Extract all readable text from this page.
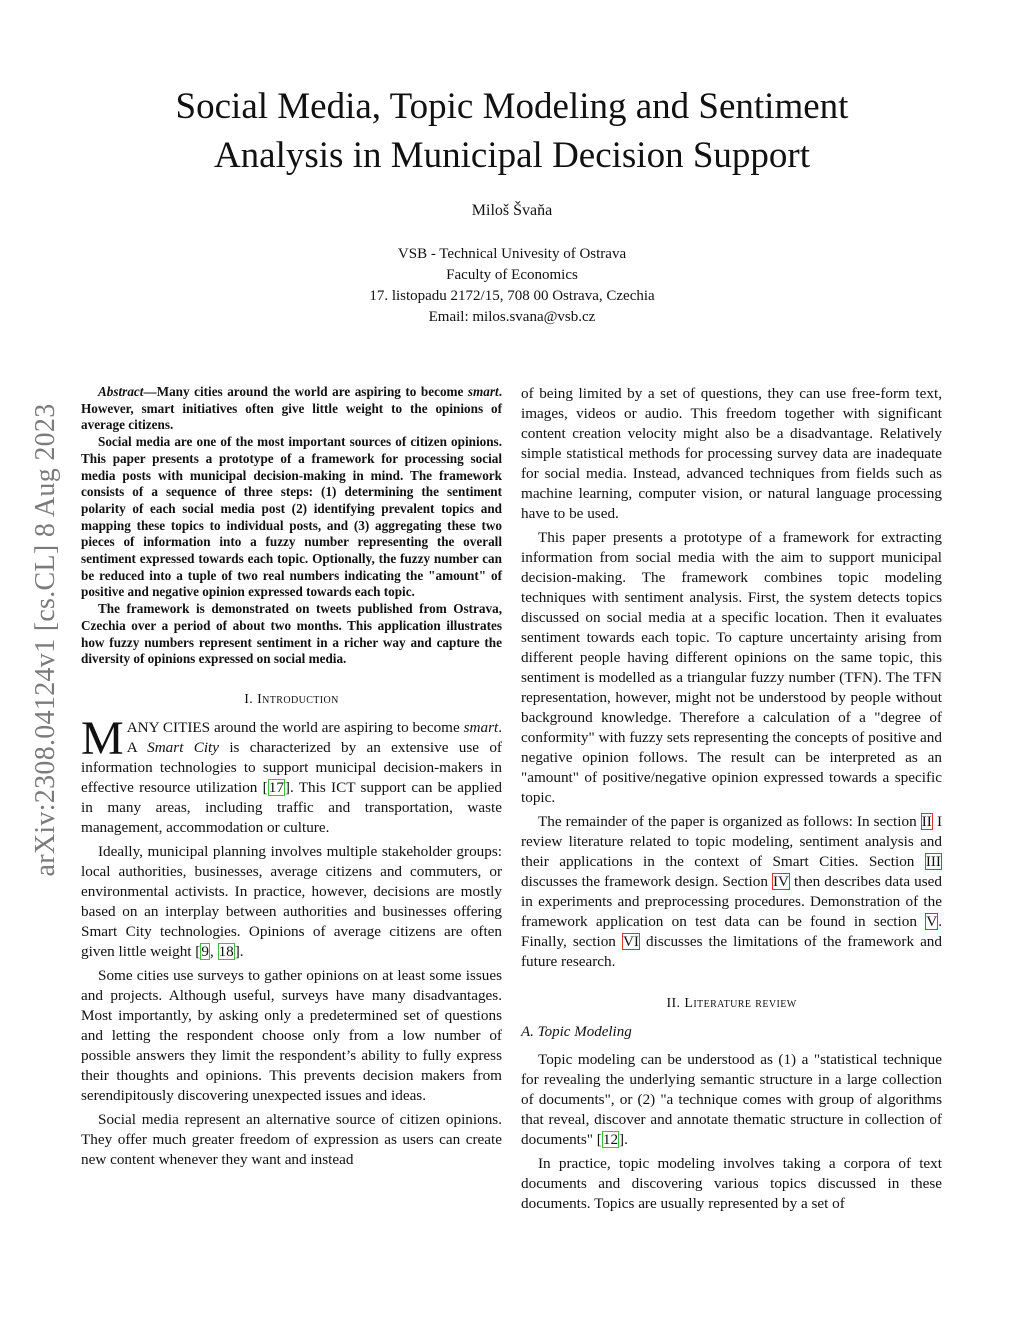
Social Media, Topic Modeling and Sentiment
Analysis in Municipal Decision Support
Miloš Švaňa
VSB - Technical Univesity of Ostrava
Faculty of Economics
17. listopadu 2172/15, 708 00 Ostrava, Czechia
Email: milos.svana@vsb.cz
arXiv:2308.04124v1 [cs.CL] 8 Aug 2023

Abstract—Many cities around the world are aspiring to become smart. However, smart initiatives often give little weight to the opinions of average citizens.

Social media are one of the most important sources of citizen opinions. This paper presents a prototype of a framework for processing social media posts with municipal decision-making in mind. The framework consists of a sequence of three steps: (1) determining the sentiment polarity of each social media post (2) identifying prevalent topics and mapping these topics to individual posts, and (3) aggregating these two pieces of information into a fuzzy number representing the overall sentiment expressed towards each topic. Optionally, the fuzzy number can be reduced into a tuple of two real numbers indicating the "amount" of positive and negative opinion expressed towards each topic.

The framework is demonstrated on tweets published from Ostrava, Czechia over a period of about two months. This application illustrates how fuzzy numbers represent sentiment in a richer way and capture the diversity of opinions expressed on social media.

I. Introduction

MANY CITIES around the world are aspiring to become smart. A Smart City is characterized by an extensive use of information technologies to support municipal decision-makers in effective resource utilization [17]. This ICT support can be applied in many areas, including traffic and transportation, waste management, accommodation or culture.

Ideally, municipal planning involves multiple stakeholder groups: local authorities, businesses, average citizens and commuters, or environmental activists. In practice, however, decisions are mostly based on an interplay between authorities and businesses offering Smart City technologies. Opinions of average citizens are often given little weight [9, 18].

Some cities use surveys to gather opinions on at least some issues and projects. Although useful, surveys have many disadvantages. Most importantly, by asking only a predetermined set of questions and letting the respondent choose only from a low number of possible answers they limit the respondent’s ability to fully express their thoughts and opinions. This prevents decision makers from serendipitously discovering unexpected issues and ideas.

Social media represent an alternative source of citizen opinions. They offer much greater freedom of expression as users can create new content whenever they want and instead

of being limited by a set of questions, they can use free-form text, images, videos or audio. This freedom together with significant content creation velocity might also be a disadvantage. Relatively simple statistical methods for processing survey data are inadequate for social media. Instead, advanced techniques from fields such as machine learning, computer vision, or natural language processing have to be used.

This paper presents a prototype of a framework for extracting information from social media with the aim to support municipal decision-making. The framework combines topic modeling techniques with sentiment analysis. First, the system detects topics discussed on social media at a specific location. Then it evaluates sentiment towards each topic. To capture uncertainty arising from different people having different opinions on the same topic, this sentiment is modelled as a triangular fuzzy number (TFN). The TFN representation, however, might not be understood by people without background knowledge. Therefore a calculation of a "degree of conformity" with fuzzy sets representing the concepts of positive and negative opinion follows. The result can be interpreted as an "amount" of positive/negative opinion expressed towards a specific topic.

The remainder of the paper is organized as follows: In section II I review literature related to topic modeling, sentiment analysis and their applications in the context of Smart Cities. Section III discusses the framework design. Section IV then describes data used in experiments and preprocessing procedures. Demonstration of the framework application on test data can be found in section V. Finally, section VI discusses the limitations of the framework and future research.

II. Literature review
A. Topic Modeling

Topic modeling can be understood as (1) a "statistical technique for revealing the underlying semantic structure in a large collection of documents", or (2) "a technique comes with group of algorithms that reveal, discover and annotate thematic structure in collection of documents" [12].

In practice, topic modeling involves taking a corpora of text documents and discovering various topics discussed in these documents. Topics are usually represented by a set of
